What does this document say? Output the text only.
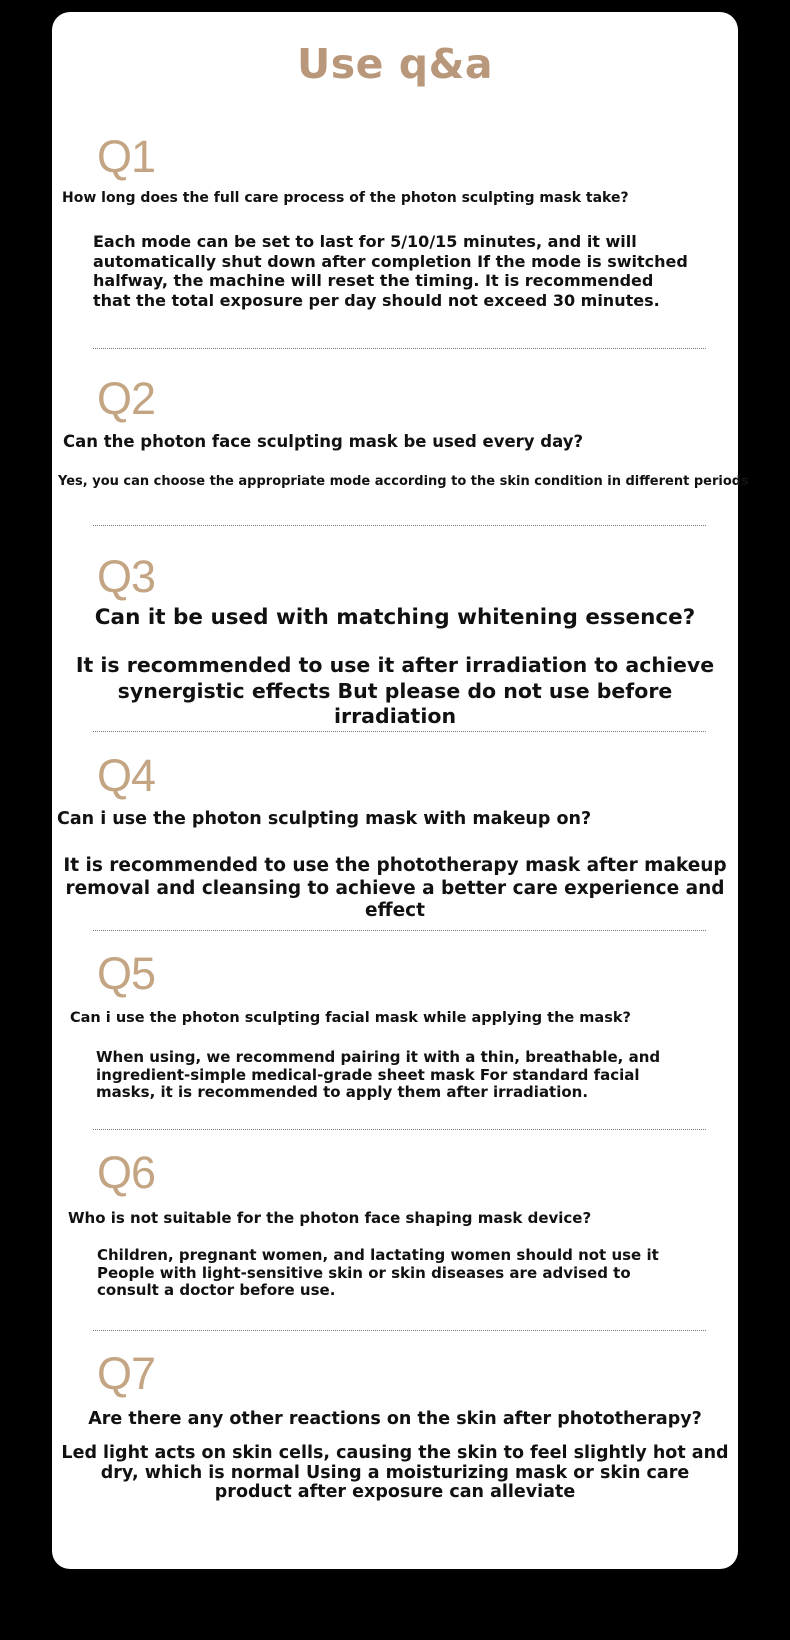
Use q&a
Q1
How long does the full care process of the photon sculpting mask take?
Each mode can be set to last for 5/10/15 minutes, and it will automatically shut down after completion If the mode is switched halfway, the machine will reset the timing. It is recommended that the total exposure per day should not exceed 30 minutes.
Q2
Can the photon face sculpting mask be used every day?
Yes, you can choose the appropriate mode according to the skin condition in different periods
Q3
Can it be used with matching whitening essence?
It is recommended to use it after irradiation to achieve synergistic effects But please do not use before irradiation
Q4
Can i use the photon sculpting mask with makeup on?
It is recommended to use the phototherapy mask after makeup removal and cleansing to achieve a better care experience and effect
Q5
Can i use the photon sculpting facial mask while applying the mask?
When using, we recommend pairing it with a thin, breathable, and ingredient-simple medical-grade sheet mask For standard facial masks, it is recommended to apply them after irradiation.
Q6
Who is not suitable for the photon face shaping mask device?
Children, pregnant women, and lactating women should not use it People with light-sensitive skin or skin diseases are advised to consult a doctor before use.
Q7
Are there any other reactions on the skin after phototherapy?
Led light acts on skin cells, causing the skin to feel slightly hot and dry, which is normal Using a moisturizing mask or skin care product after exposure can alleviate
